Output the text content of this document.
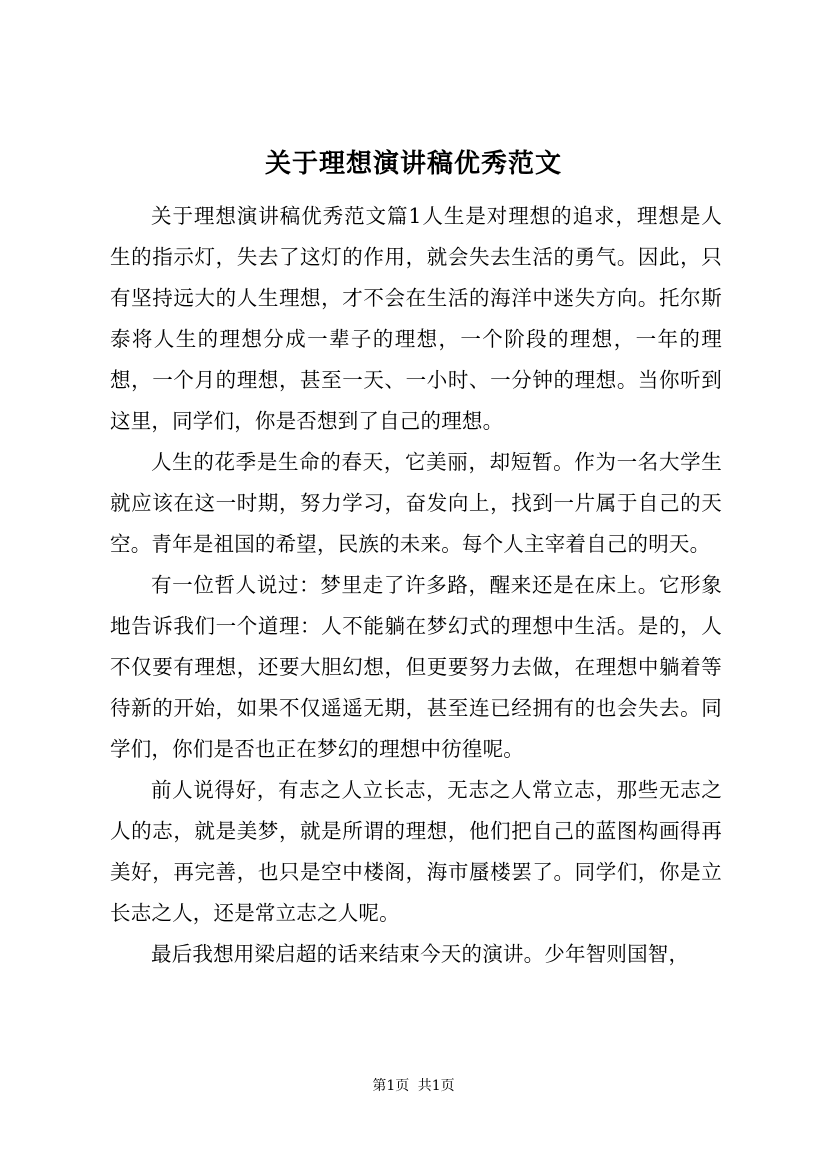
关于理想演讲稿优秀范文

关于理想演讲稿优秀范文篇1人生是对理想的追求，理想是人生的指示灯，失去了这灯的作用，就会失去生活的勇气。因此，只有坚持远大的人生理想，才不会在生活的海洋中迷失方向。托尔斯泰将人生的理想分成一辈子的理想，一个阶段的理想，一年的理想，一个月的理想，甚至一天、一小时、一分钟的理想。当你听到这里，同学们，你是否想到了自己的理想。

人生的花季是生命的春天，它美丽，却短暂。作为一名大学生就应该在这一时期，努力学习，奋发向上，找到一片属于自己的天空。青年是祖国的希望，民族的未来。每个人主宰着自己的明天。

有一位哲人说过：梦里走了许多路，醒来还是在床上。它形象地告诉我们一个道理：人不能躺在梦幻式的理想中生活。是的，人不仅要有理想，还要大胆幻想，但更要努力去做，在理想中躺着等待新的开始，如果不仅遥遥无期，甚至连已经拥有的也会失去。同学们，你们是否也正在梦幻的理想中彷徨呢。

前人说得好，有志之人立长志，无志之人常立志，那些无志之人的志，就是美梦，就是所谓的理想，他们把自己的蓝图构画得再美好，再完善，也只是空中楼阁，海市蜃楼罢了。同学们，你是立长志之人，还是常立志之人呢。

最后我想用梁启超的话来结束今天的演讲。少年智则国智，

第1页 共1页
